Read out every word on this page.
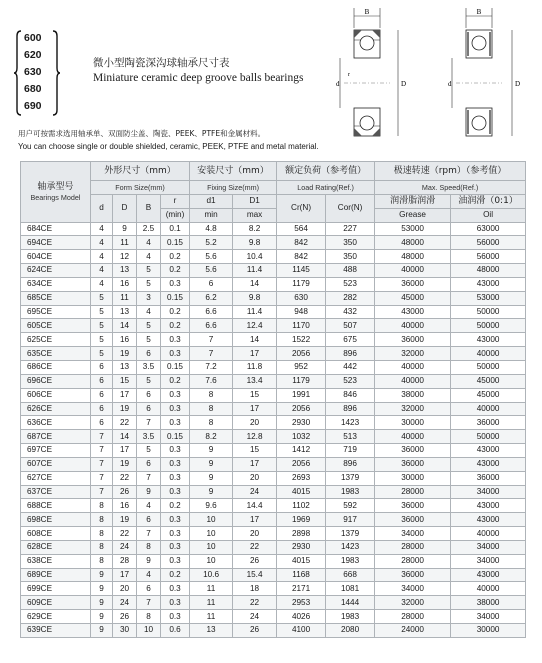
600
620
630
680
690
微小型陶瓷深沟球轴承尺寸表
Miniature ceramic deep groove balls bearings
B
d	D
r
B
d	D
用户可按需求选用轴承单、双面防尘盖、陶瓷、PEEK、PTFE和金属材料。
You can choose single or double shielded, ceramic, PEEK, PTFE and metal material.
轴承型号
Bearings Model	外形尺寸（mm）				安装尺寸（mm）		额定负荷（参考值）		极速转速（rpm）（参考值）	

	Form Size(mm)				Fixing Size(mm)		Load Rating(Ref.)		Max. Speed(Ref.)	

	d	D	B	r	d1	D1	Cr(N)	Cor(N)	润滑脂润滑	油润滑（0:1）
				(min)	min	max			Grease	Oil
684CE	4	9	2.5	0.1	4.8	8.2	564	227	53000	63000
694CE	4	11	4	0.15	5.2	9.8	842	350	48000	56000
604CE	4	12	4	0.2	5.6	10.4	842	350	48000	56000
624CE	4	13	5	0.2	5.6	11.4	1145	488	40000	48000
634CE	4	16	5	0.3	6	14	1179	523	36000	43000
685CE	5	11	3	0.15	6.2	9.8	630	282	45000	53000
695CE	5	13	4	0.2	6.6	11.4	948	432	43000	50000
605CE	5	14	5	0.2	6.6	12.4	1170	507	40000	50000
625CE	5	16	5	0.3	7	14	1522	675	36000	43000
635CE	5	19	6	0.3	7	17	2056	896	32000	40000
686CE	6	13	3.5	0.15	7.2	11.8	952	442	40000	50000
696CE	6	15	5	0.2	7.6	13.4	1179	523	40000	45000
606CE	6	17	6	0.3	8	15	1991	846	38000	45000
626CE	6	19	6	0.3	8	17	2056	896	32000	40000
636CE	6	22	7	0.3	8	20	2930	1423	30000	36000
687CE	7	14	3.5	0.15	8.2	12.8	1032	513	40000	50000
697CE	7	17	5	0.3	9	15	1412	719	36000	43000
607CE	7	19	6	0.3	9	17	2056	896	36000	43000
627CE	7	22	7	0.3	9	20	2693	1379	30000	36000
637CE	7	26	9	0.3	9	24	4015	1983	28000	34000
688CE	8	16	4	0.2	9.6	14.4	1102	592	36000	43000
698CE	8	19	6	0.3	10	17	1969	917	36000	43000
608CE	8	22	7	0.3	10	20	2898	1379	34000	40000
628CE	8	24	8	0.3	10	22	2930	1423	28000	34000
638CE	8	28	9	0.3	10	26	4015	1983	28000	34000
689CE	9	17	4	0.2	10.6	15.4	1168	668	36000	43000
699CE	9	20	6	0.3	11	18	2171	1081	34000	40000
609CE	9	24	7	0.3	11	22	2953	1444	32000	38000
629CE	9	26	8	0.3	11	24	4026	1983	28000	34000
639CE	9	30	10	0.6	13	26	4100	2080	24000	30000
